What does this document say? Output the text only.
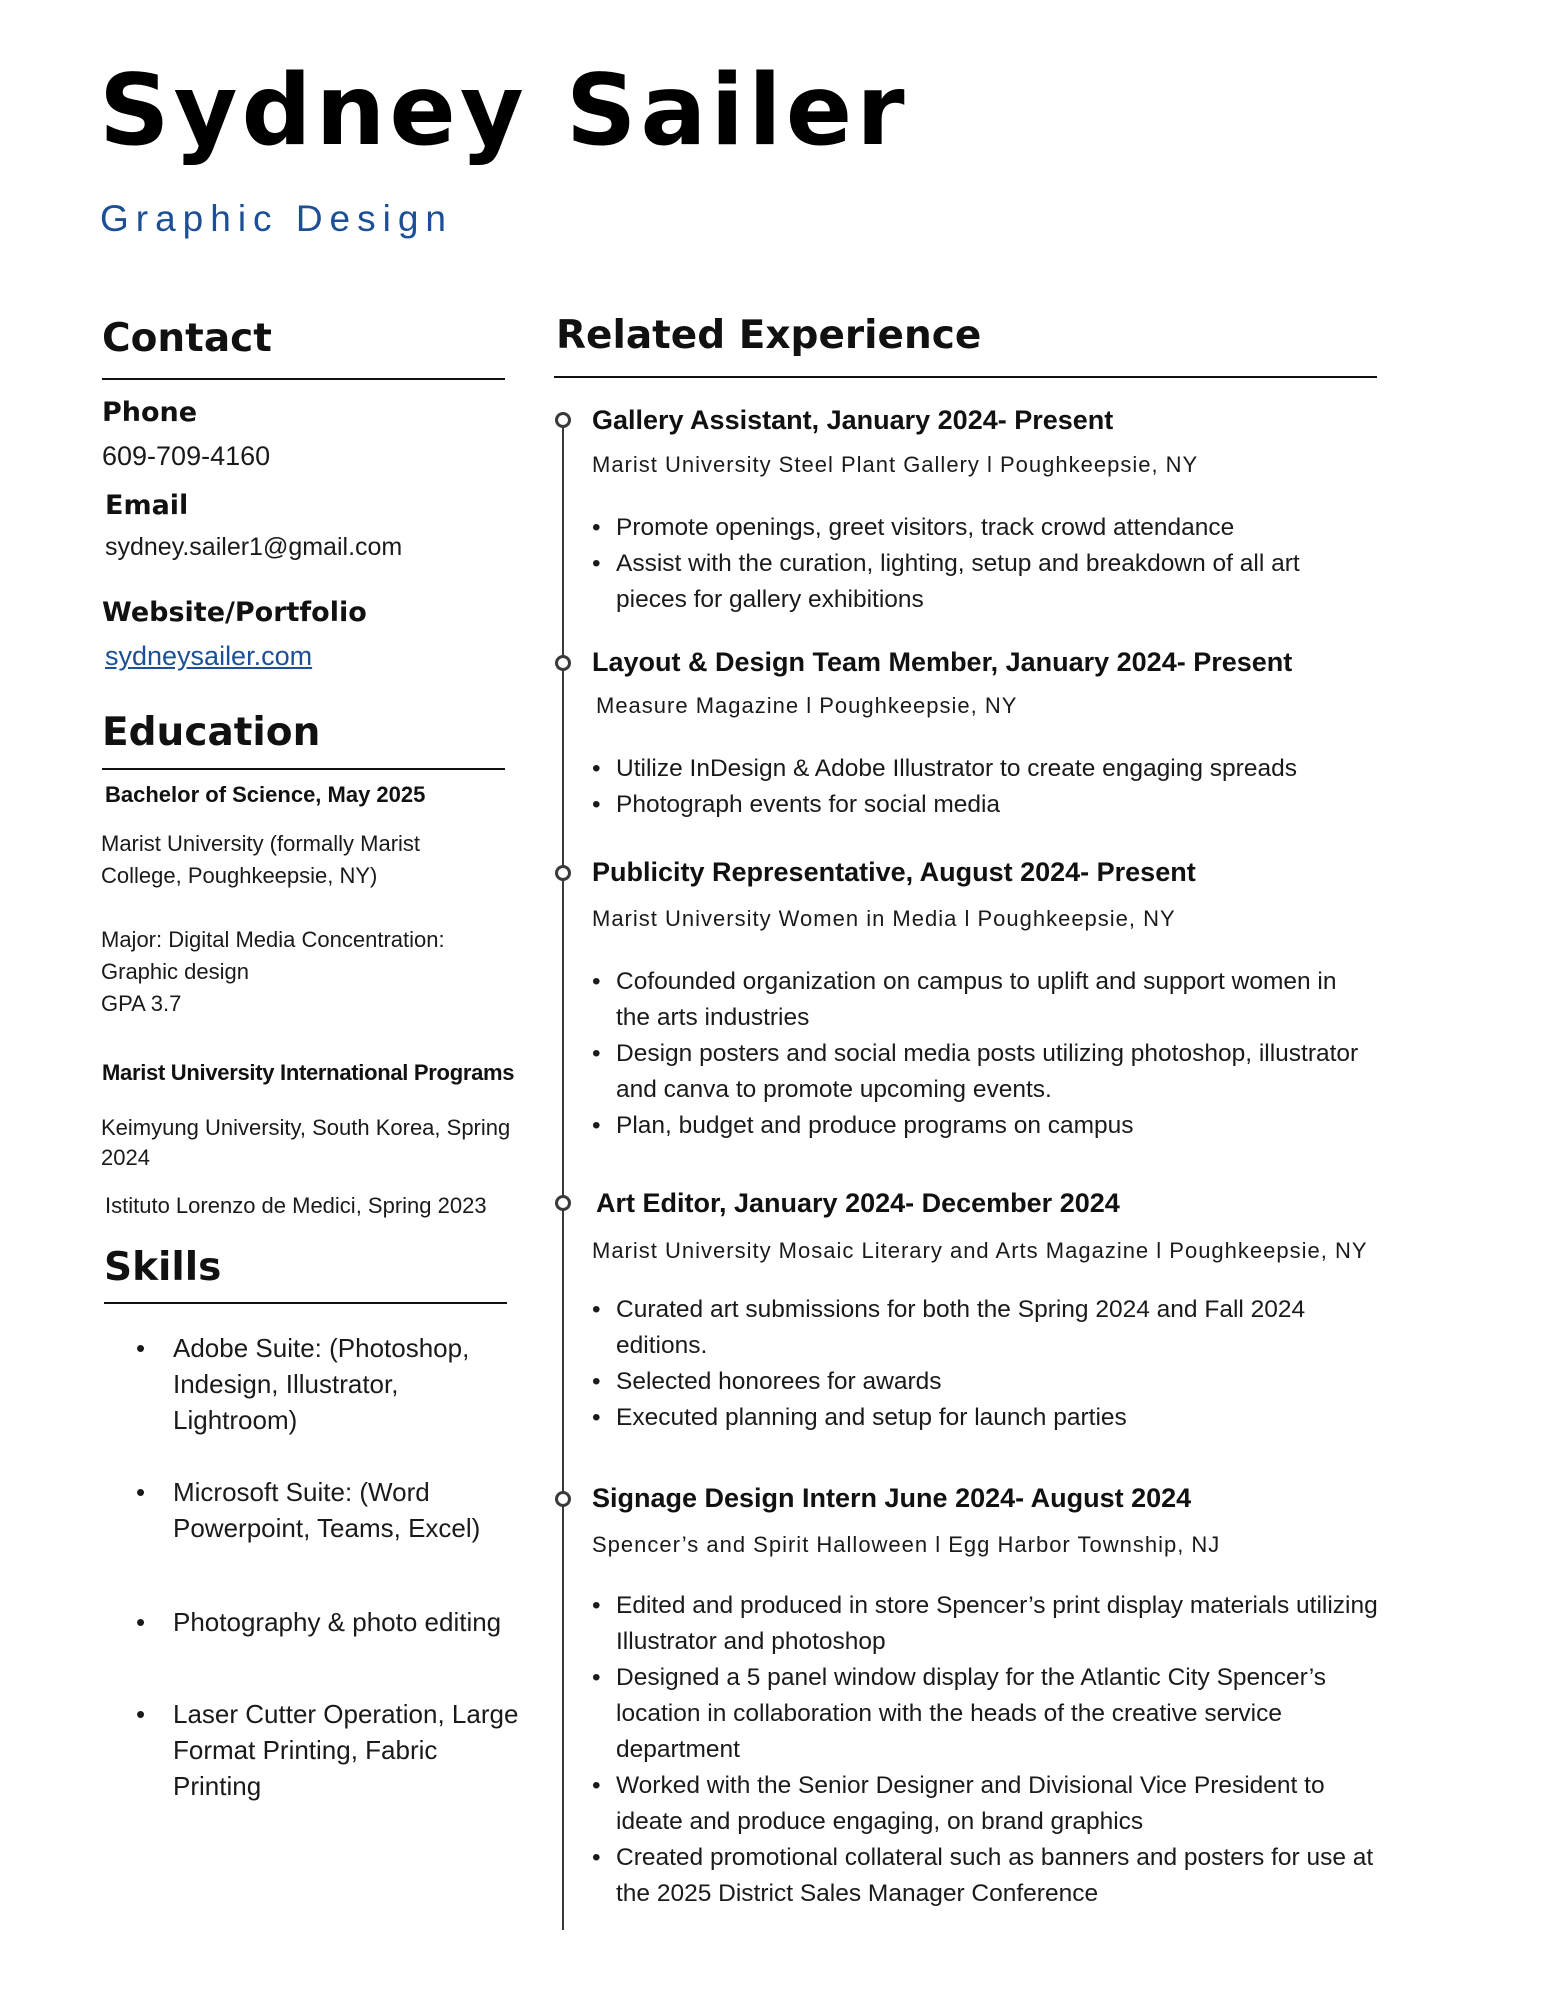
Sydney Sailer
Graphic Design
Contact
Phone
609-709-4160
Email
sydney.sailer1@gmail.com
Website/Portfolio
sydneysailer.com
Education
Bachelor of Science, May 2025
Marist University (formally Marist
College, Poughkeepsie, NY)
Major: Digital Media Concentration:
Graphic design
GPA 3.7
Marist University International Programs
Keimyung University, South Korea, Spring
2024
Istituto Lorenzo de Medici, Spring 2023
Skills
• Adobe Suite: (Photoshop,
Indesign, Illustrator,
Lightroom)
• Microsoft Suite: (Word
Powerpoint, Teams, Excel)
• Photography & photo editing
• Laser Cutter Operation, Large
Format Printing, Fabric
Printing
Related Experience
Gallery Assistant, January 2024- Present
Marist University Steel Plant Gallery l Poughkeepsie, NY
• Promote openings, greet visitors, track crowd attendance
• Assist with the curation, lighting, setup and breakdown of all art
pieces for gallery exhibitions
Layout & Design Team Member, January 2024- Present
Measure Magazine l Poughkeepsie, NY
• Utilize InDesign & Adobe Illustrator to create engaging spreads
• Photograph events for social media
Publicity Representative, August 2024- Present
Marist University Women in Media l Poughkeepsie, NY
• Cofounded organization on campus to uplift and support women in
the arts industries
• Design posters and social media posts utilizing photoshop, illustrator
and canva to promote upcoming events.
• Plan, budget and produce programs on campus
Art Editor, January 2024- December 2024
Marist University Mosaic Literary and Arts Magazine l Poughkeepsie, NY
• Curated art submissions for both the Spring 2024 and Fall 2024
editions.
• Selected honorees for awards
• Executed planning and setup for launch parties
Signage Design Intern June 2024- August 2024
Spencer’s and Spirit Halloween l Egg Harbor Township, NJ
• Edited and produced in store Spencer’s print display materials utilizing
Illustrator and photoshop
• Designed a 5 panel window display for the Atlantic City Spencer’s
location in collaboration with the heads of the creative service
department
• Worked with the Senior Designer and Divisional Vice President to
ideate and produce engaging, on brand graphics
• Created promotional collateral such as banners and posters for use at
the 2025 District Sales Manager Conference
